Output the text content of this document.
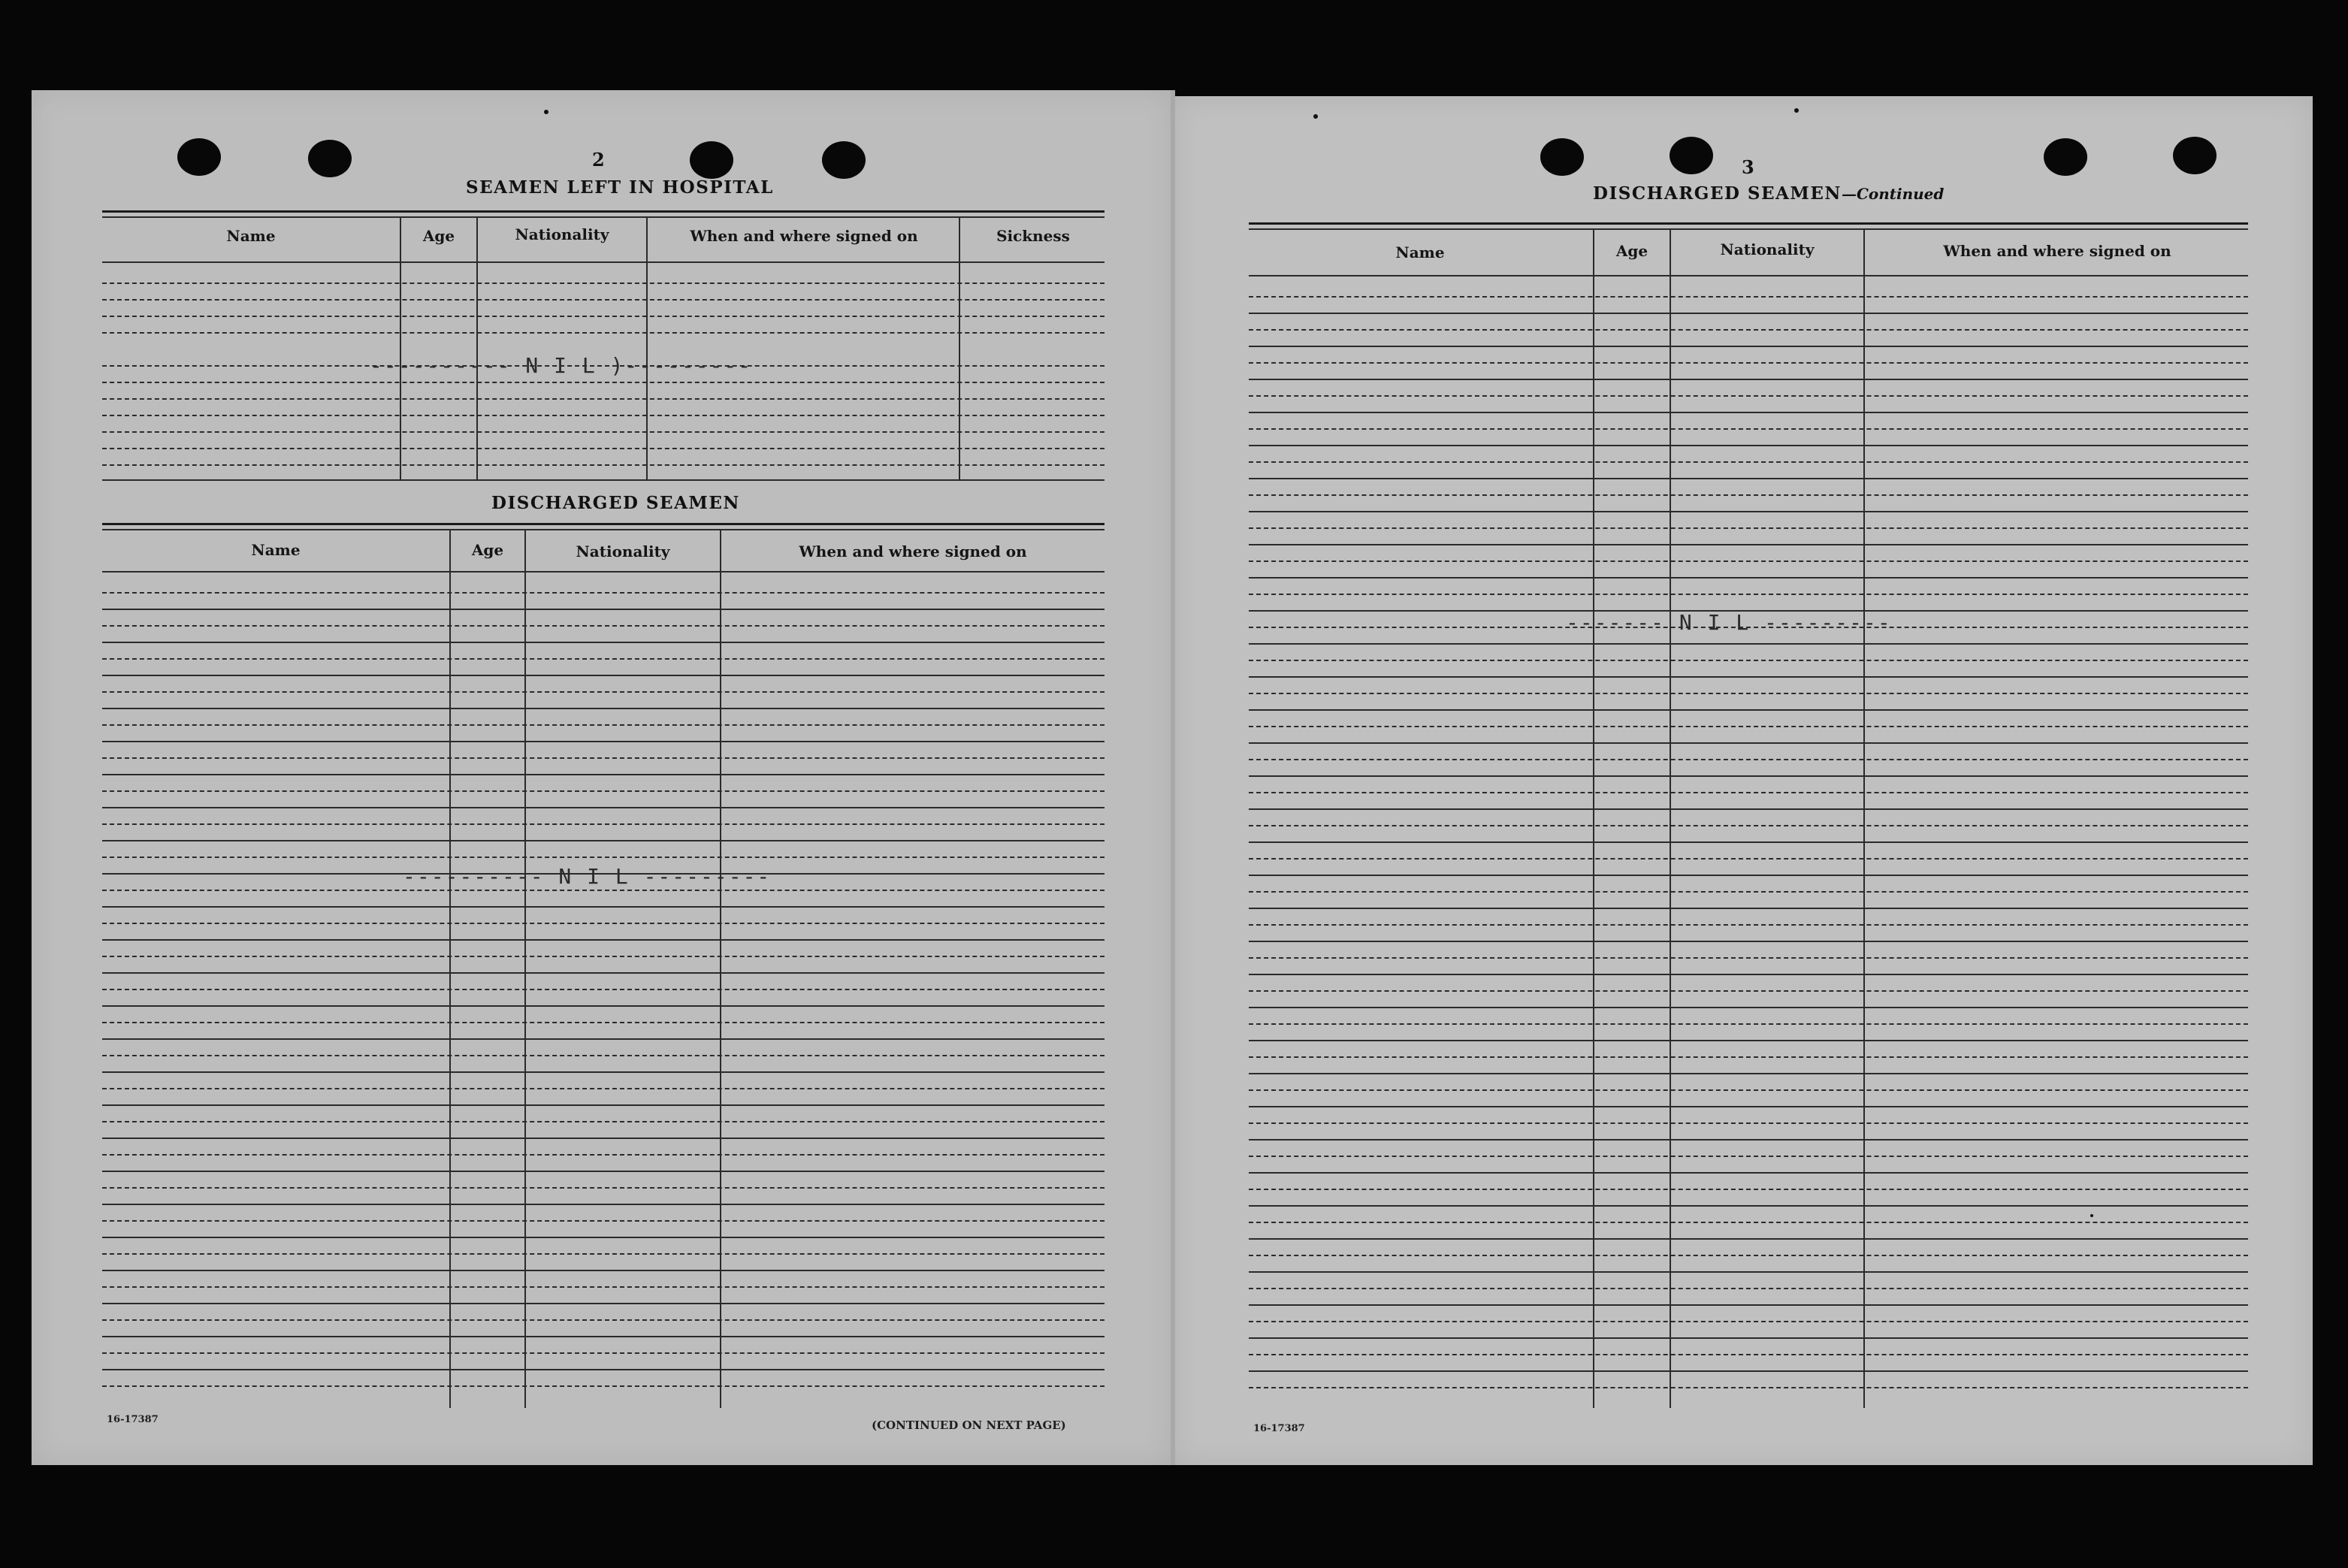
2
SEAMEN LEFT IN HOSPITAL
Name	Age	Nationality	When and where signed on	Sickness
---------- N I L )---------
DISCHARGED SEAMEN
Name	Age	Nationality	When and where signed on
---------- N I L ---------
16-17387	(CONTINUED ON NEXT PAGE)
3
DISCHARGED SEAMEN—Continued
Name	Age	Nationality	When and where signed on
------- N I L ---------
16-17387
